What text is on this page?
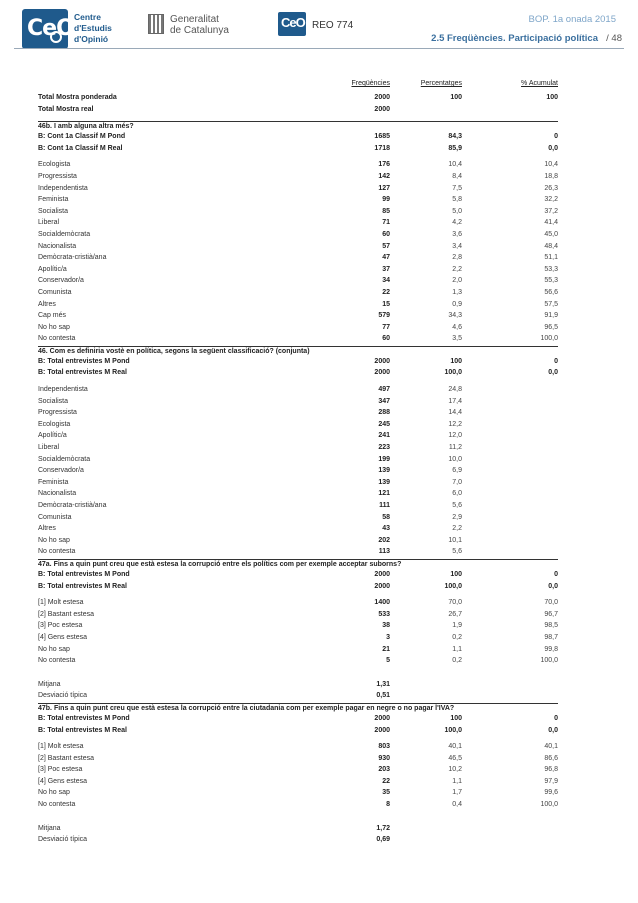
CeO Centre
d'Estudis
d'Opinió
Generalitat
de Catalunya
CeO REO 774
BOP. 1a onada 2015
2.5 Freqüències. Participació política / 48
Freqüències	Percentatges	% Acumulat
Total Mostra ponderada	2000	100	100
Total Mostra real	2000
46b. I amb alguna altra més?
B: Cont 1a Classif M Pond	1685	84,3	0
B: Cont 1a Classif M Real	1718	85,9	0,0
Ecologista	176	10,4	10,4
Progressista	142	8,4	18,8
Independentista	127	7,5	26,3
Feminista	99	5,8	32,2
Socialista	85	5,0	37,2
Liberal	71	4,2	41,4
Socialdemòcrata	60	3,6	45,0
Nacionalista	57	3,4	48,4
Demòcrata-cristià/ana	47	2,8	51,1
Apolític/a	37	2,2	53,3
Conservador/a	34	2,0	55,3
Comunista	22	1,3	56,6
Altres	15	0,9	57,5
Cap més	579	34,3	91,9
No ho sap	77	4,6	96,5
No contesta	60	3,5	100,0
46. Com es definiria vostè en política, segons la següent classificació? (conjunta)
B: Total entrevistes M Pond	2000	100	0
B: Total entrevistes M Real	2000	100,0	0,0
Independentista	497	24,8
Socialista	347	17,4
Progressista	288	14,4
Ecologista	245	12,2
Apolític/a	241	12,0
Liberal	223	11,2
Socialdemòcrata	199	10,0
Conservador/a	139	6,9
Feminista	139	7,0
Nacionalista	121	6,0
Demòcrata-cristià/ana	111	5,6
Comunista	58	2,9
Altres	43	2,2
No ho sap	202	10,1
No contesta	113	5,6
47a. Fins a quin punt creu que està estesa la corrupció entre els polítics com per exemple acceptar suborns?
B: Total entrevistes M Pond	2000	100	0
B: Total entrevistes M Real	2000	100,0	0,0
[1] Molt estesa	1400	70,0	70,0
[2] Bastant estesa	533	26,7	96,7
[3] Poc estesa	38	1,9	98,5
[4] Gens estesa	3	0,2	98,7
No ho sap	21	1,1	99,8
No contesta	5	0,2	100,0
Mitjana	1,31
Desviació típica	0,51
47b. Fins a quin punt creu que està estesa la corrupció entre la ciutadania com per exemple pagar en negre o no pagar l'IVA?
B: Total entrevistes M Pond	2000	100	0
B: Total entrevistes M Real	2000	100,0	0,0
[1] Molt estesa	803	40,1	40,1
[2] Bastant estesa	930	46,5	86,6
[3] Poc estesa	203	10,2	96,8
[4] Gens estesa	22	1,1	97,9
No ho sap	35	1,7	99,6
No contesta	8	0,4	100,0
Mitjana	1,72
Desviació típica	0,69
